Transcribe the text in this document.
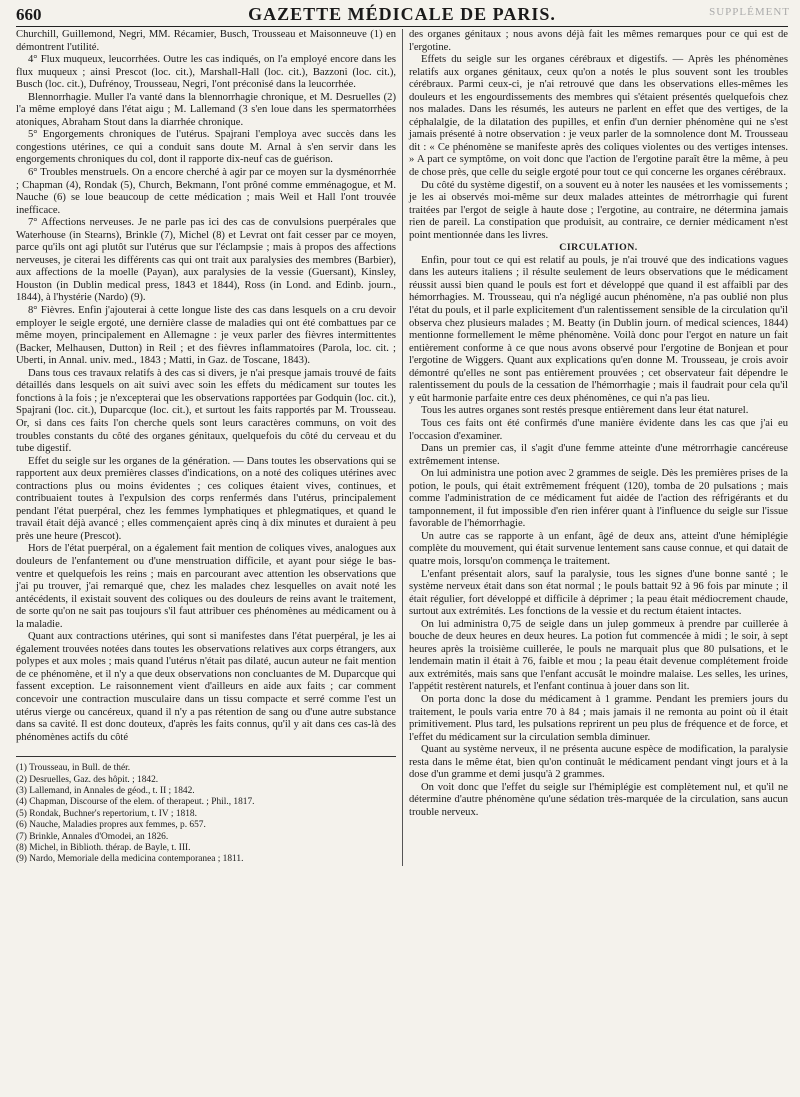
660	GAZETTE MÉDICALE DE PARIS.	SUPPLÉMENT

Churchill, Guillemond, Negri, MM. Récamier, Busch, Trousseau et Maisonneuve (1) en démontrent l'utilité.

4° Flux muqueux, leucorrhées. Outre les cas indiqués, on l'a employé encore dans les flux muqueux ; ainsi Prescot (loc. cit.), Marshall-Hall (loc. cit.), Bazzoni (loc. cit.), Busch (loc. cit.), Dufrénoy, Trousseau, Negri, l'ont préconisé dans la leucorrhée.

Blennorrhagie. Muller l'a vanté dans la blennorrhagie chronique, et M. Desruelles (2) l'a même employé dans l'état aigu ; M. Lallemand (3 s'en loue dans les spermatorrhées atoniques, Abraham Stout dans la diarrhée chronique.

5° Engorgements chroniques de l'utérus. Spajrani l'employa avec succès dans les congestions utérines, ce qui a conduit sans doute M. Arnal à s'en servir dans les engorgements chroniques du col, dont il rapporte dix-neuf cas de guérison.

6° Troubles menstruels. On a encore cherché à agir par ce moyen sur la dysménorrhée ; Chapman (4), Rondak (5), Church, Bekmann, l'ont prôné comme emménagogue, et M. Nauche (6) se loue beaucoup de cette médication ; mais Weil et Hall l'ont trouvée inefficace.

7° Affections nerveuses. Je ne parle pas ici des cas de convulsions puerpérales que Waterhouse (in Stearns), Brinkle (7), Michel (8) et Levrat ont fait cesser par ce moyen, parce qu'ils ont agi plutôt sur l'utérus que sur l'éclampsie ; mais à propos des affections nerveuses, je citerai les différents cas qui ont trait aux paralysies des membres (Barbier), aux affections de la moelle (Payan), aux paralysies de la vessie (Guersant), Kinsley, Houston (in Dublin medical press, 1843 et 1844), Ross (in Lond. and Edinb. journ., 1844), à l'hystérie (Nardo) (9).

8° Fièvres. Enfin j'ajouterai à cette longue liste des cas dans lesquels on a cru devoir employer le seigle ergoté, une dernière classe de maladies qui ont été combattues par ce même moyen, principalement en Allemagne : je veux parler des fièvres intermittentes (Backer, Melhausen, Dutton) in Reil ; et des fièvres inflammatoires (Parola, loc. cit. ; Uberti, in Annal. univ. med., 1843 ; Matti, in Gaz. de Toscane, 1843).

Dans tous ces travaux relatifs à des cas si divers, je n'ai presque jamais trouvé de faits détaillés dans lesquels on ait suivi avec soin les effets du médicament sur toutes les fonctions à la fois ; je n'excepterai que les observations rapportées par Godquin (loc. cit.), Spajrani (loc. cit.), Duparcque (loc. cit.), et surtout les faits rapportés par M. Trousseau. Or, si dans ces faits l'on cherche quels sont leurs caractères communs, on voit des troubles constants du côté des organes génitaux, quelquefois du côté du cerveau et du tube digestif.

Effet du seigle sur les organes de la génération. — Dans toutes les observations qui se rapportent aux deux premières classes d'indications, on a noté des coliques utérines avec contractions plus ou moins évidentes ; ces coliques étaient vives, continues, et contribuaient toutes à l'expulsion des corps renfermés dans l'utérus, principalement pendant l'état puerpéral, chez les femmes lymphatiques et phlegmatiques, et quand le travail était déjà avancé ; elles commençaient après cinq à dix minutes et duraient à peu près une heure (Prescot).

Hors de l'état puerpéral, on a également fait mention de coliques vives, analogues aux douleurs de l'enfantement ou d'une menstruation difficile, et ayant pour siége le bas-ventre et quelquefois les reins ; mais en parcourant avec attention les observations que j'ai pu trouver, j'ai remarqué que, chez les malades chez lesquelles on avait noté les antécédents, il existait souvent des coliques ou des douleurs de reins avant le traitement, de sorte qu'on ne sait pas toujours s'il faut attribuer ces phénomènes au médicament ou à la maladie.

Quant aux contractions utérines, qui sont si manifestes dans l'état puerpéral, je les ai également trouvées notées dans toutes les observations relatives aux corps étrangers, aux polypes et aux moles ; mais quand l'utérus n'était pas dilaté, aucun auteur ne fait mention de ce phénomène, et il n'y a que deux observations non concluantes de M. Duparcque qui fassent exception. Le raisonnement vient d'ailleurs en aide aux faits ; car comment concevoir une contraction musculaire dans un tissu compacte et serré comme l'est un utérus vierge ou cancéreux, quand il n'y a pas rétention de sang ou d'une autre substance dans sa cavité. Il est donc douteux, d'après les faits connus, qu'il y ait dans ces cas-là des phénomènes actifs du côté

(1) Trousseau, in Bull. de thér.

(2) Desruelles, Gaz. des hôpit. ; 1842.

(3) Lallemand, in Annales de géod., t. II ; 1842.

(4) Chapman, Discourse of the elem. of therapeut. ; Phil., 1817.

(5) Rondak, Buchner's repertorium, t. IV ; 1818.

(6) Nauche, Maladies propres aux femmes, p. 657.

(7) Brinkle, Annales d'Omodei, an 1826.

(8) Michel, in Biblioth. thérap. de Bayle, t. III.

(9) Nardo, Memoriale della medicina contemporanea ; 1811.

des organes génitaux ; nous avons déjà fait les mêmes remarques pour ce qui est de l'ergotine.

Effets du seigle sur les organes cérébraux et digestifs. — Après les phénomènes relatifs aux organes génitaux, ceux qu'on a notés le plus souvent sont les troubles cérébraux. Parmi ceux-ci, je n'ai retrouvé que dans les observations elles-mêmes les douleurs et les engourdissements des membres qui s'étaient présentés quelquefois chez nos malades. Dans les résumés, les auteurs ne parlent en effet que des vertiges, de la céphalalgie, de la dilatation des pupilles, et enfin d'un dernier phénomène qui ne s'est jamais présenté à notre observation : je veux parler de la somnolence dont M. Trousseau dit : « Ce phénomène se manifeste après des coliques violentes ou des vertiges intenses. » A part ce symptôme, on voit donc que l'action de l'ergotine paraît être la même, à peu de chose près, que celle du seigle ergoté pour tout ce qui concerne les organes cérébraux.

Du côté du système digestif, on a souvent eu à noter les nausées et les vomissements ; je les ai observés moi-même sur deux malades atteintes de métrorrhagie qui furent traitées par l'ergot de seigle à haute dose ; l'ergotine, au contraire, ne détermina jamais rien de pareil. La constipation que produisit, au contraire, ce dernier médicament n'est point mentionnée dans les livres.

CIRCULATION.

Enfin, pour tout ce qui est relatif au pouls, je n'ai trouvé que des indications vagues dans les auteurs italiens ; il résulte seulement de leurs observations que le médicament réussit aussi bien quand le pouls est fort et développé que quand il est affaibli par des hémorrhagies. M. Trousseau, qui n'a négligé aucun phénomène, n'a pas oublié non plus l'état du pouls, et il parle explicitement d'un ralentissement sensible de la circulation qu'il observa chez plusieurs malades ; M. Beatty (in Dublin journ. of medical sciences, 1844) mentionne formellement le même phénomène. Voilà donc pour l'ergot en nature un fait entièrement conforme à ce que nous avons observé pour l'ergotine de Bonjean et pour l'ergotine de Wiggers. Quant aux explications qu'en donne M. Trousseau, je crois avoir démontré qu'elles ne sont pas entièrement prouvées ; cet observateur fait dépendre le ralentissement du pouls de la cessation de l'hémorrhagie ; mais il faudrait pour cela qu'il y eût harmonie parfaite entre ces deux phénomènes, ce qui n'a pas lieu.

Tous les autres organes sont restés presque entièrement dans leur état naturel.

Tous ces faits ont été confirmés d'une manière évidente dans les cas que j'ai eu l'occasion d'examiner.

Dans un premier cas, il s'agit d'une femme atteinte d'une métrorrhagie cancéreuse extrêmement intense.

On lui administra une potion avec 2 grammes de seigle. Dès les premières prises de la potion, le pouls, qui était extrêmement fréquent (120), tomba de 20 pulsations ; mais comme l'administration de ce médicament fut aidée de l'action des réfrigérants et du tamponnement, il fut impossible d'en rien inférer quant à l'influence du seigle sur l'issue favorable de l'hémorrhagie.

Un autre cas se rapporte à un enfant, âgé de deux ans, atteint d'une hémiplégie complète du mouvement, qui était survenue lentement sans cause connue, et qui datait de quatre mois, lorsqu'on commença le traitement.

L'enfant présentait alors, sauf la paralysie, tous les signes d'une bonne santé ; le système nerveux était dans son état normal ; le pouls battait 92 à 96 fois par minute ; il était régulier, fort développé et difficile à déprimer ; la peau était médiocrement chaude, surtout aux extrémités. Les fonctions de la vessie et du rectum étaient intactes.

On lui administra 0,75 de seigle dans un julep gommeux à prendre par cuillerée à bouche de deux heures en deux heures. La potion fut commencée à midi ; le soir, à sept heures après la troisième cuillerée, le pouls ne marquait plus que 80 pulsations, et le lendemain matin il était à 76, faible et mou ; la peau était devenue complétement froide aux extrémités, mais sans que l'enfant accusât le moindre malaise. Les selles, les urines, l'appétit restèrent naturels, et l'enfant continua à jouer dans son lit.

On porta donc la dose du médicament à 1 gramme. Pendant les premiers jours du traitement, le pouls varia entre 70 à 84 ; mais jamais il ne remonta au point où il était primitivement. Plus tard, les pulsations reprirent un peu plus de fréquence et de force, et l'effet du médicament sur la circulation sembla diminuer.

Quant au système nerveux, il ne présenta aucune espèce de modification, la paralysie resta dans le même état, bien qu'on continuât le médicament pendant vingt jours et à la dose d'un gramme et demi jusqu'à 2 grammes.

On voit donc que l'effet du seigle sur l'hémiplégie est complètement nul, et qu'il ne détermine d'autre phénomène qu'une sédation très-marquée de la circulation, sans aucun trouble nerveux.
